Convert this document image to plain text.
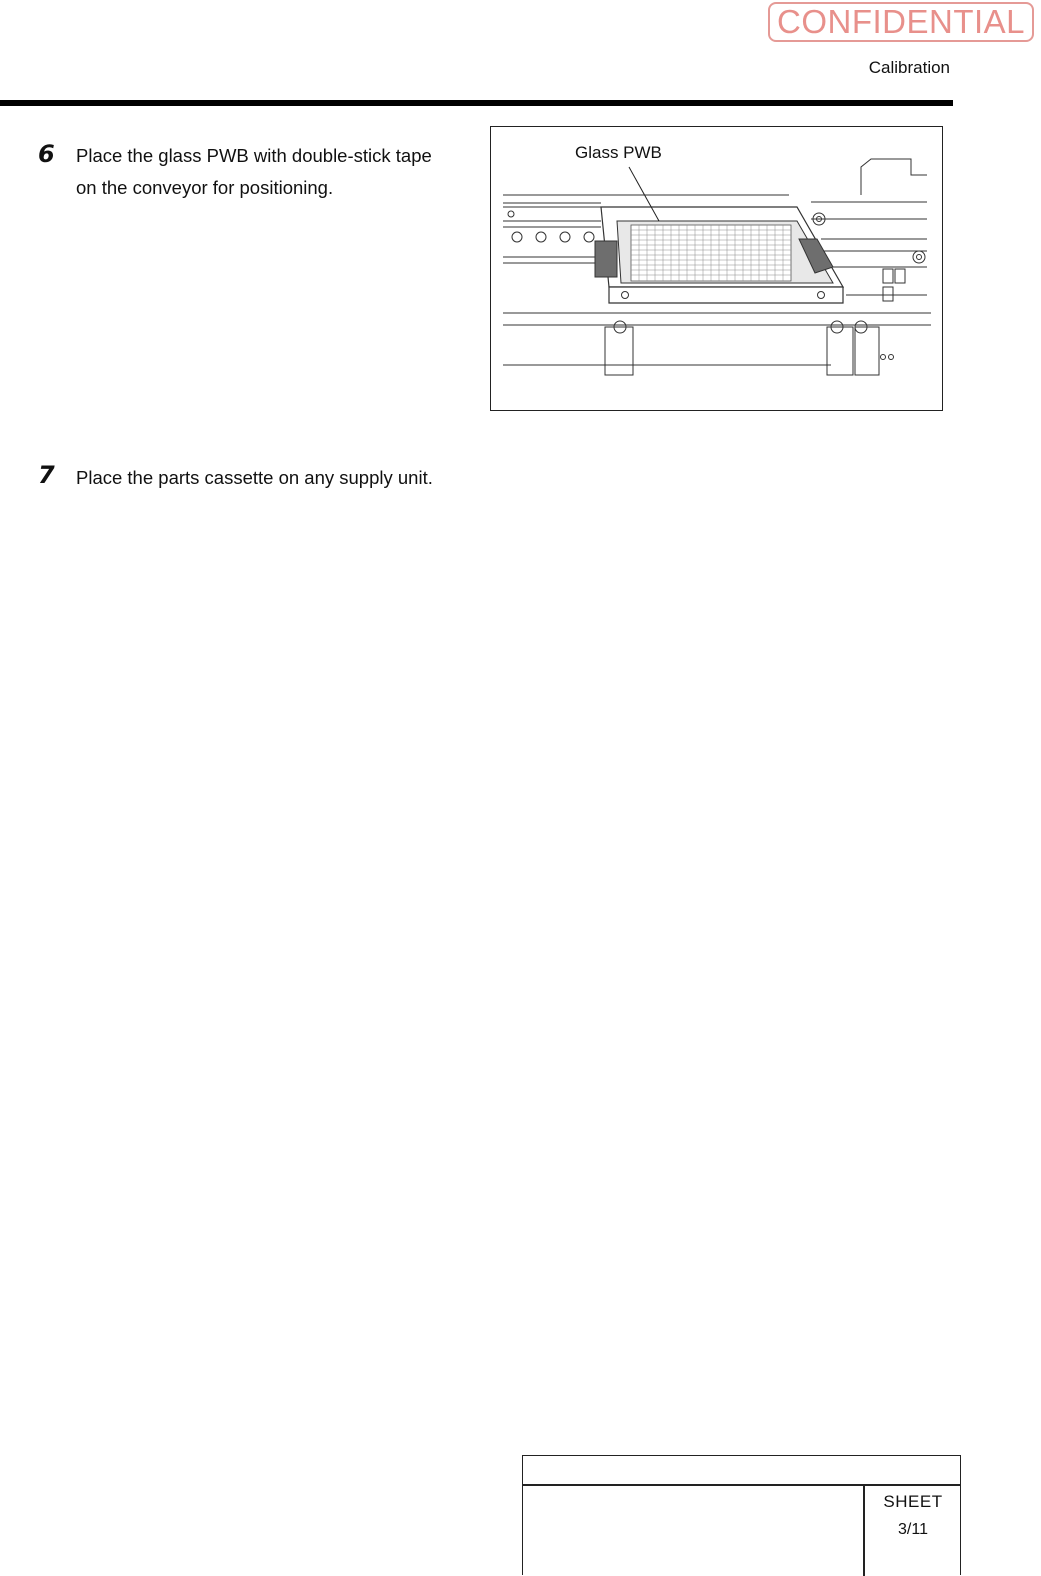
CONFIDENTIAL
Calibration
6 Place the glass PWB with double-stick tape
on the conveyor for positioning.
Glass PWB
7 Place the parts cassette on any supply unit.
SHEET
3/11
